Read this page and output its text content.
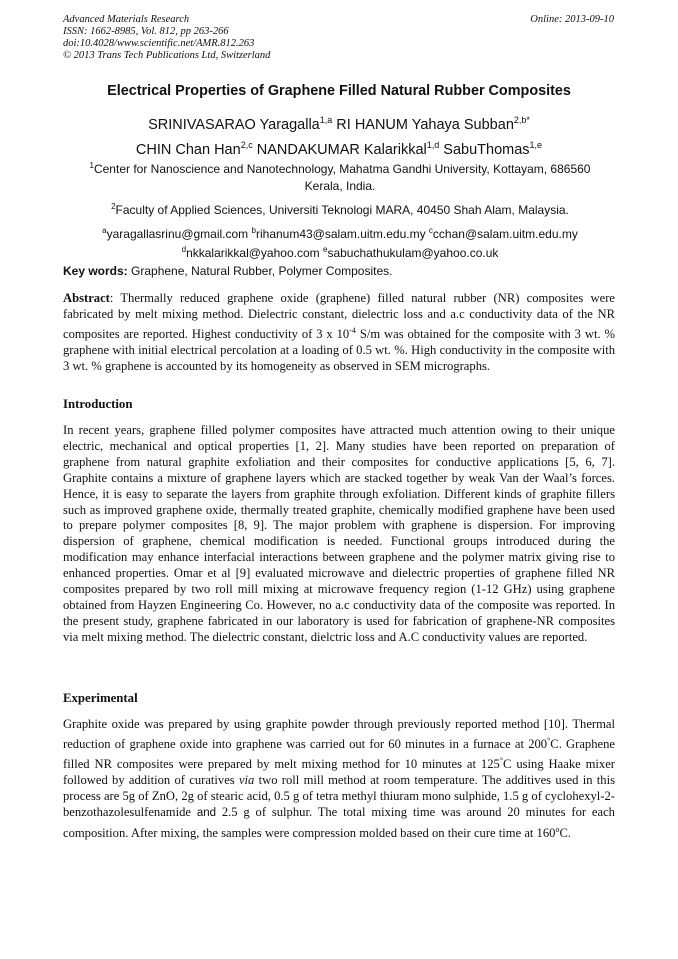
Advanced Materials Research
ISSN: 1662-8985, Vol. 812, pp 263-266
doi:10.4028/www.scientific.net/AMR.812.263
© 2013 Trans Tech Publications Ltd, Switzerland
Online: 2013-09-10
Electrical Properties of Graphene Filled Natural Rubber Composites
SRINIVASARAO Yaragalla$^{1,a}$ RI HANUM Yahaya Subban$^{2,b*}$
CHIN Chan Han$^{2,c}$ NANDAKUMAR Kalarikkal$^{1,d}$ SabuThomas$^{1,e}$
$^1$Center for Nanoscience and Nanotechnology, Mahatma Gandhi University, Kottayam, 686560 Kerala, India.
$^2$Faculty of Applied Sciences, Universiti Teknologi MARA, 40450 Shah Alam, Malaysia.
$^a$yaragallasrinu@gmail.com $^b$rihanum43@salam.uitm.edu.my $^c$cchan@salam.uitm.edu.my
$^d$nkkalarikkal@yahoo.com $^e$sabuchathukulam@yahoo.co.uk
Key words: Graphene, Natural Rubber, Polymer Composites.
Abstract: Thermally reduced graphene oxide (graphene) filled natural rubber (NR) composites were fabricated by melt mixing method. Dielectric constant, dielectric loss and a.c conductivity data of the NR composites are reported. Highest conductivity of 3 x $10^{-4}$ S/m was obtained for the composite with 3 wt. % graphene with initial electrical percolation at a loading of 0.5 wt. %. High conductivity in the composite with 3 wt. % graphene is accounted by its homogeneity as observed in SEM micrographs.
Introduction
In recent years, graphene filled polymer composites have attracted much attention owing to their unique electric, mechanical and optical properties [1, 2]. Many studies have been reported on preparation of graphene from natural graphite exfoliation and their composites for conductive applications [5, 6, 7]. Graphite contains a mixture of graphene layers which are stacked together by weak Van der Waal’s forces. Hence, it is easy to separate the layers from graphite through exfoliation. Different kinds of graphite fillers such as improved graphene oxide, thermally treated graphite, chemically modified graphene have been used to prepare polymer composites [8, 9]. The major problem with graphene is dispersion. For improving dispersion of graphene, chemical modification is needed. Functional groups introduced during the modification may enhance interfacial interactions between graphene and the polymer matrix giving rise to enhanced properties. Omar et al [9] evaluated microwave and dielectric properties of graphene filled NR composites prepared by two roll mill mixing at microwave frequency region (1-12 GHz) using graphene obtained from Hayzen Engineering Co. However, no a.c conductivity data of the composite was reported. In the present study, graphene fabricated in our laboratory is used for fabrication of graphene-NR composites via melt mixing method. The dielectric constant, dielctric loss and A.C conductivity values are reported.
Experimental
Graphite oxide was prepared by using graphite powder through previously reported method [10]. Thermal reduction of graphene oxide into graphene was carried out for 60 minutes in a furnace at 200°C. Graphene filled NR composites were prepared by melt mixing method for 10 minutes at 125°C using Haake mixer followed by addition of curatives via two roll mill method at room temperature. The additives used in this process are 5g of ZnO, 2g of stearic acid, 0.5 g of tetra methyl thiuram mono sulphide, 1.5 g of cyclohexyl-2-benzothazolesulfenamide and 2.5 g of sulphur. The total mixing time was around 20 minutes for each composition. After mixing, the samples were compression molded based on their cure time at 160$^o$C.
